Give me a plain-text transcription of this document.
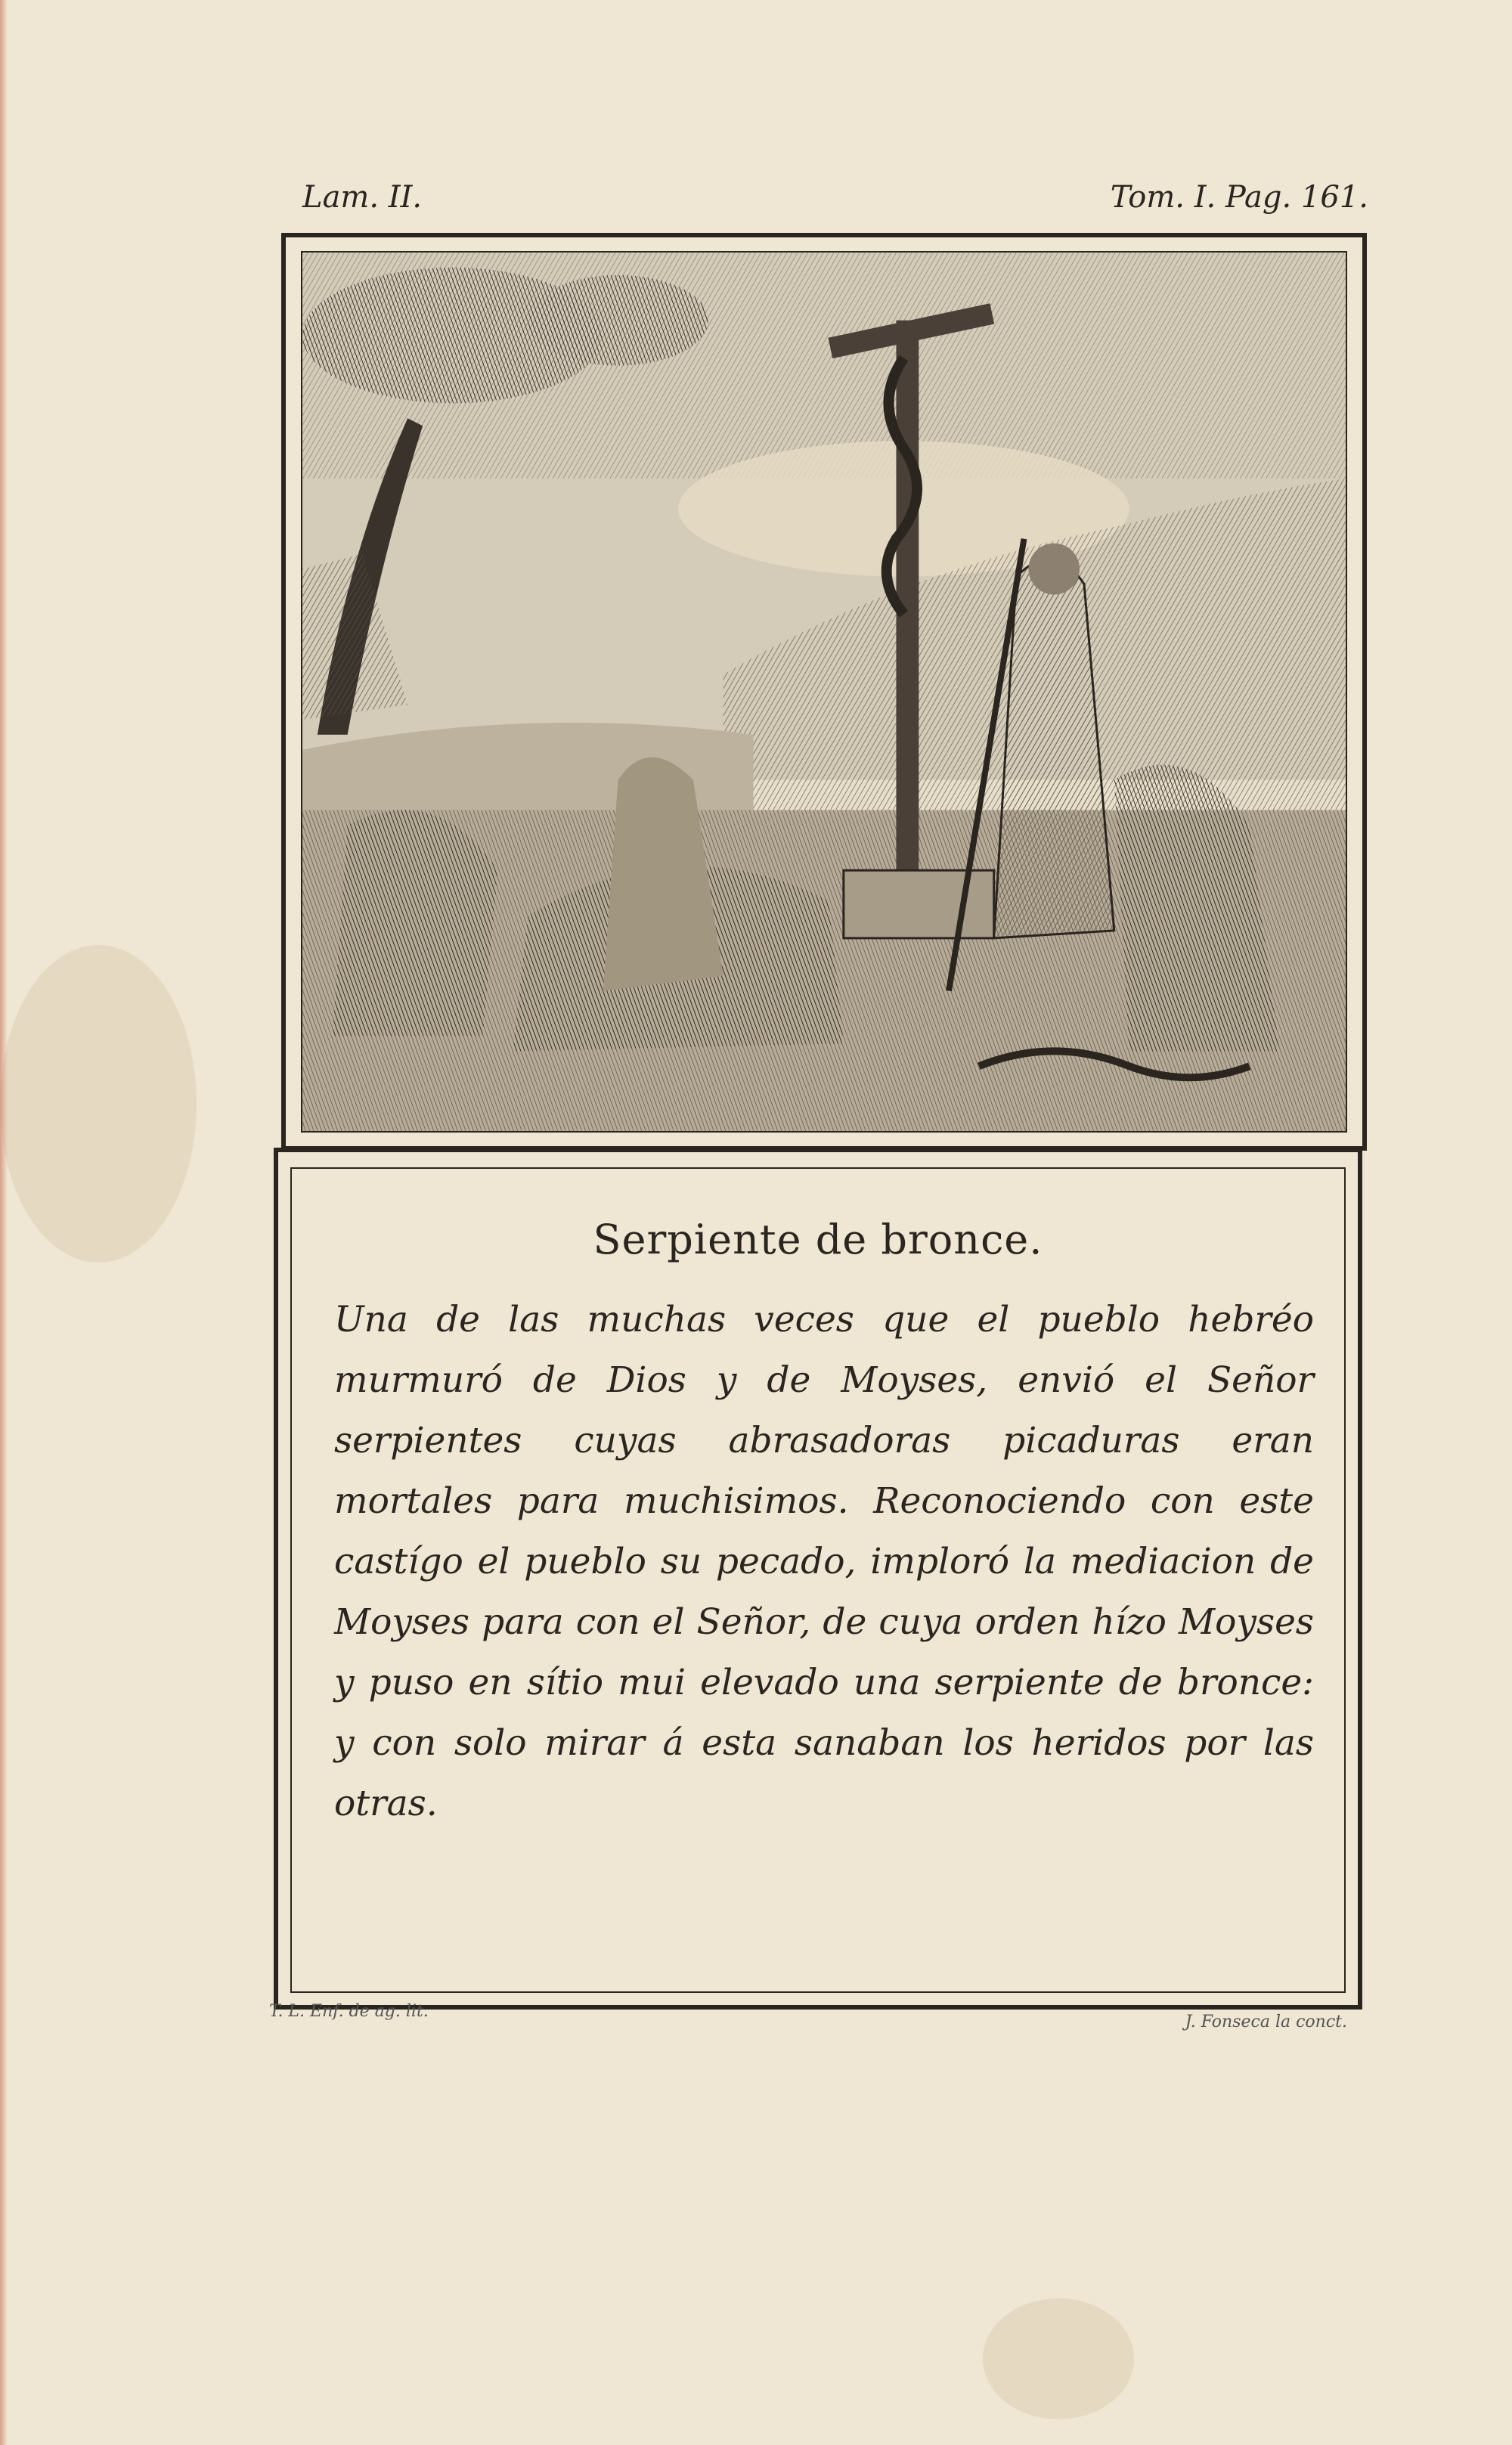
Lam. II.	Tom. I. Pag. 161.
Serpiente de bronce.
Una de las muchas veces que el pueblo hebréo murmuró de Dios y de Moyses, envió el Señor serpientes cuyas abrasadoras picaduras eran mortales para muchisimos. Reconociendo con este castígo el pueblo su pecado, imploró la mediacion de Moyses para con el Señor, de cuya orden hízo Moyses y puso en sítio mui elevado una serpiente de bronce: y con solo mirar á esta sanaban los heridos por las otras.
T. L. Enf. de ag. lit.
J. Fonseca la conct.
